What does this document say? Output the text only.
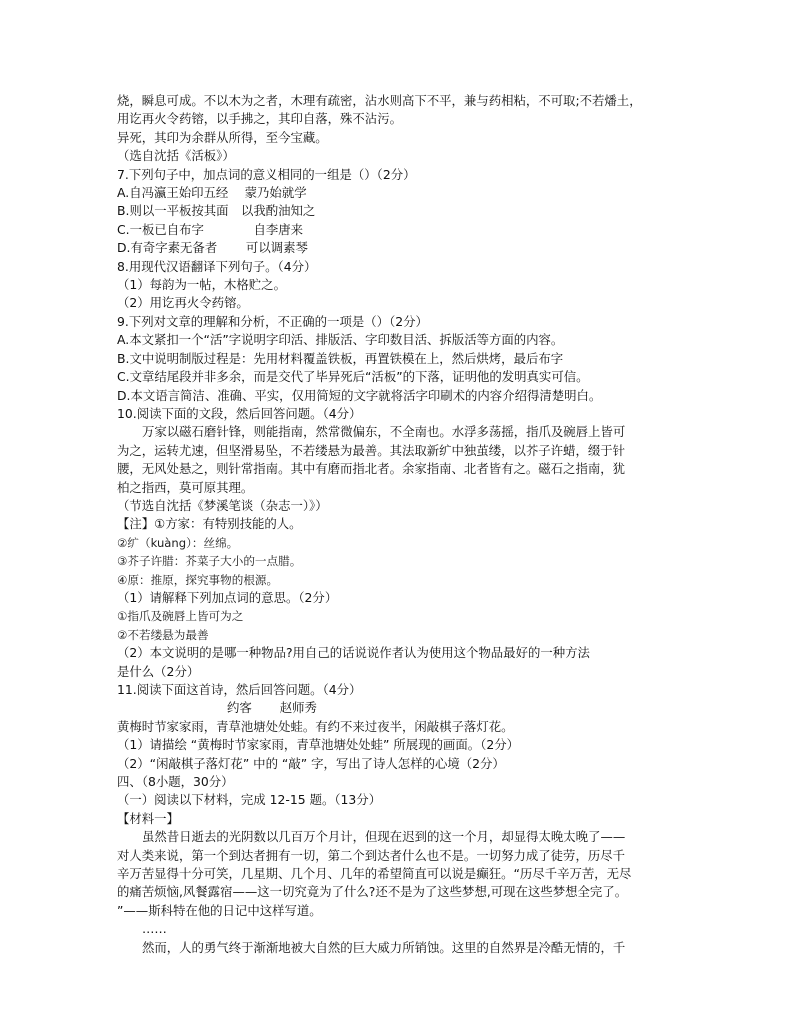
烧，瞬息可成。不以木为之者，木理有疏密，沾水则高下不平，兼与药相粘，不可取;不若燔土，
用讫再火令药镕，以手拂之，其印自落，殊不沾污。
异死，其印为余群从所得，至今宝藏。
（选自沈括《活板》）
7.下列句子中，加点词的意义相同的一组是（）（2分）
A.自冯瀛王始印五经　 蒙乃始就学
B.则以一平板按其面　以我酌油知之
C.一板已自布字　　　　自李唐来
D.有奇字素无备者　　 可以调素琴
8.用现代汉语翻译下列句子。（4分）
（1）每韵为一帖，木格贮之。
（2）用讫再火令药镕。
9.下列对文章的理解和分析，不正确的一项是（）（2分）
A.本文紧扣一个“活”字说明字印活、排版活、字印数目活、拆版活等方面的内容。
B.文中说明制版过程是：先用材料覆盖铁板，再置铁模在上，然后烘烤，最后布字
C.文章结尾段并非多余，而是交代了毕异死后“活板”的下落，证明他的发明真实可信。
D.本文语言简洁、准确、平实，仅用简短的文字就将活字印刷术的内容介绍得清楚明白。
10.阅读下面的文段，然后回答问题。（4分）
万家以磁石磨针锋，则能指南，然常微偏东，不全南也。水浮多荡摇，指爪及碗唇上皆可
为之，运转尤速，但坚滑易坠，不若缕悬为最善。其法取新纩中独茧缕，以芥子许蜡，缀于针
腰，无风处悬之，则针常指南。其中有磨而指北者。余家指南、北者皆有之。磁石之指南，犹
柏之指西，莫可原其理。
（节选自沈括《梦溪笔谈（杂志一）》）
【注】①方家：有特别技能的人。
②纩（kuàng）：丝绵。
③芥子许腊：芥菜子大小的一点腊。
④原：推原，探究事物的根源。
（1）请解释下列加点词的意思。（2分）
①指爪及碗唇上皆可为之
②不若缕悬为最善
（2）本文说明的是哪一种物品?用自己的话说说作者认为使用这个物品最好的一种方法
是什么（2分）
11.阅读下面这首诗，然后回答问题。（4分）
约客 赵师秀
黄梅时节家家雨，青草池塘处处蛙。有约不来过夜半，闲敲棋子落灯花。
（1）请描绘 “黄梅时节家家雨，青草池塘处处蛙” 所展现的画面。（2分）
（2）“闲敲棋子落灯花” 中的 “敲” 字，写出了诗人怎样的心境（2分）
四、（8小题，30分）
（一）阅读以下材料，完成 12-15 题。（13分）
【材料一】
虽然昔日逝去的光阴数以几百万个月计，但现在迟到的这一个月，却显得太晚太晚了——
对人类来说，第一个到达者拥有一切，第二个到达者什么也不是。一切努力成了徒劳，历尽千
辛万苦显得十分可笑，几星期、几个月、几年的希望简直可以说是癫狂。“历尽千辛万苦，无尽
的痛苦烦恼,风餐露宿——这一切究竟为了什么?还不是为了这些梦想,可现在这些梦想全完了。
”——斯科特在他的日记中这样写道。
……
然而，人的勇气终于渐渐地被大自然的巨大威力所销蚀。这里的自然界是冷酷无情的，千
